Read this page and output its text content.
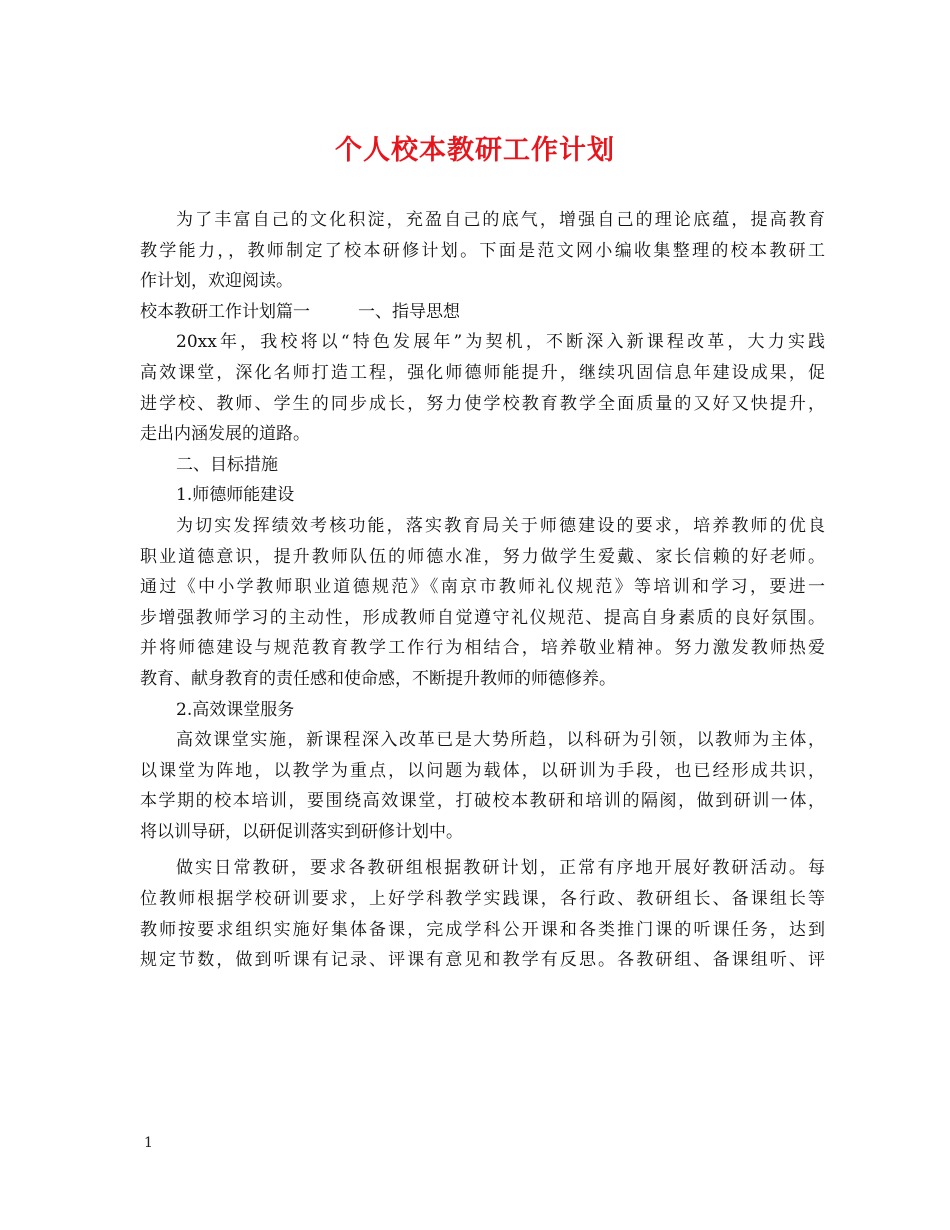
个人校本教研工作计划
为了丰富自己的文化积淀，充盈自己的底气，增强自己的理论底蕴，提高教育
教学能力，，教师制定了校本研修计划。下面是范文网小编收集整理的校本教研工
作计划，欢迎阅读。
校本教研工作计划篇一	一、指导思想
20xx年，我校将以“特色发展年”为契机，不断深入新课程改革，大力实践
高效课堂，深化名师打造工程，强化师德师能提升，继续巩固信息年建设成果，促
进学校、教师、学生的同步成长，努力使学校教育教学全面质量的又好又快提升，
走出内涵发展的道路。
二、目标措施
1.师德师能建设
为切实发挥绩效考核功能，落实教育局关于师德建设的要求，培养教师的优良
职业道德意识，提升教师队伍的师德水准，努力做学生爱戴、家长信赖的好老师。
通过《中小学教师职业道德规范》《南京市教师礼仪规范》等培训和学习，要进一
步增强教师学习的主动性，形成教师自觉遵守礼仪规范、提高自身素质的良好氛围。
并将师德建设与规范教育教学工作行为相结合，培养敬业精神。努力激发教师热爱
教育、献身教育的责任感和使命感，不断提升教师的师德修养。
2.高效课堂服务
高效课堂实施，新课程深入改革已是大势所趋，以科研为引领，以教师为主体，
以课堂为阵地，以教学为重点，以问题为载体，以研训为手段，也已经形成共识，
本学期的校本培训，要围绕高效课堂，打破校本教研和培训的隔阂，做到研训一体，
将以训导研，以研促训落实到研修计划中。
做实日常教研，要求各教研组根据教研计划，正常有序地开展好教研活动。每
位教师根据学校研训要求，上好学科教学实践课，各行政、教研组长、备课组长等
教师按要求组织实施好集体备课，完成学科公开课和各类推门课的听课任务，达到
规定节数，做到听课有记录、评课有意见和教学有反思。各教研组、备课组听、评
1
